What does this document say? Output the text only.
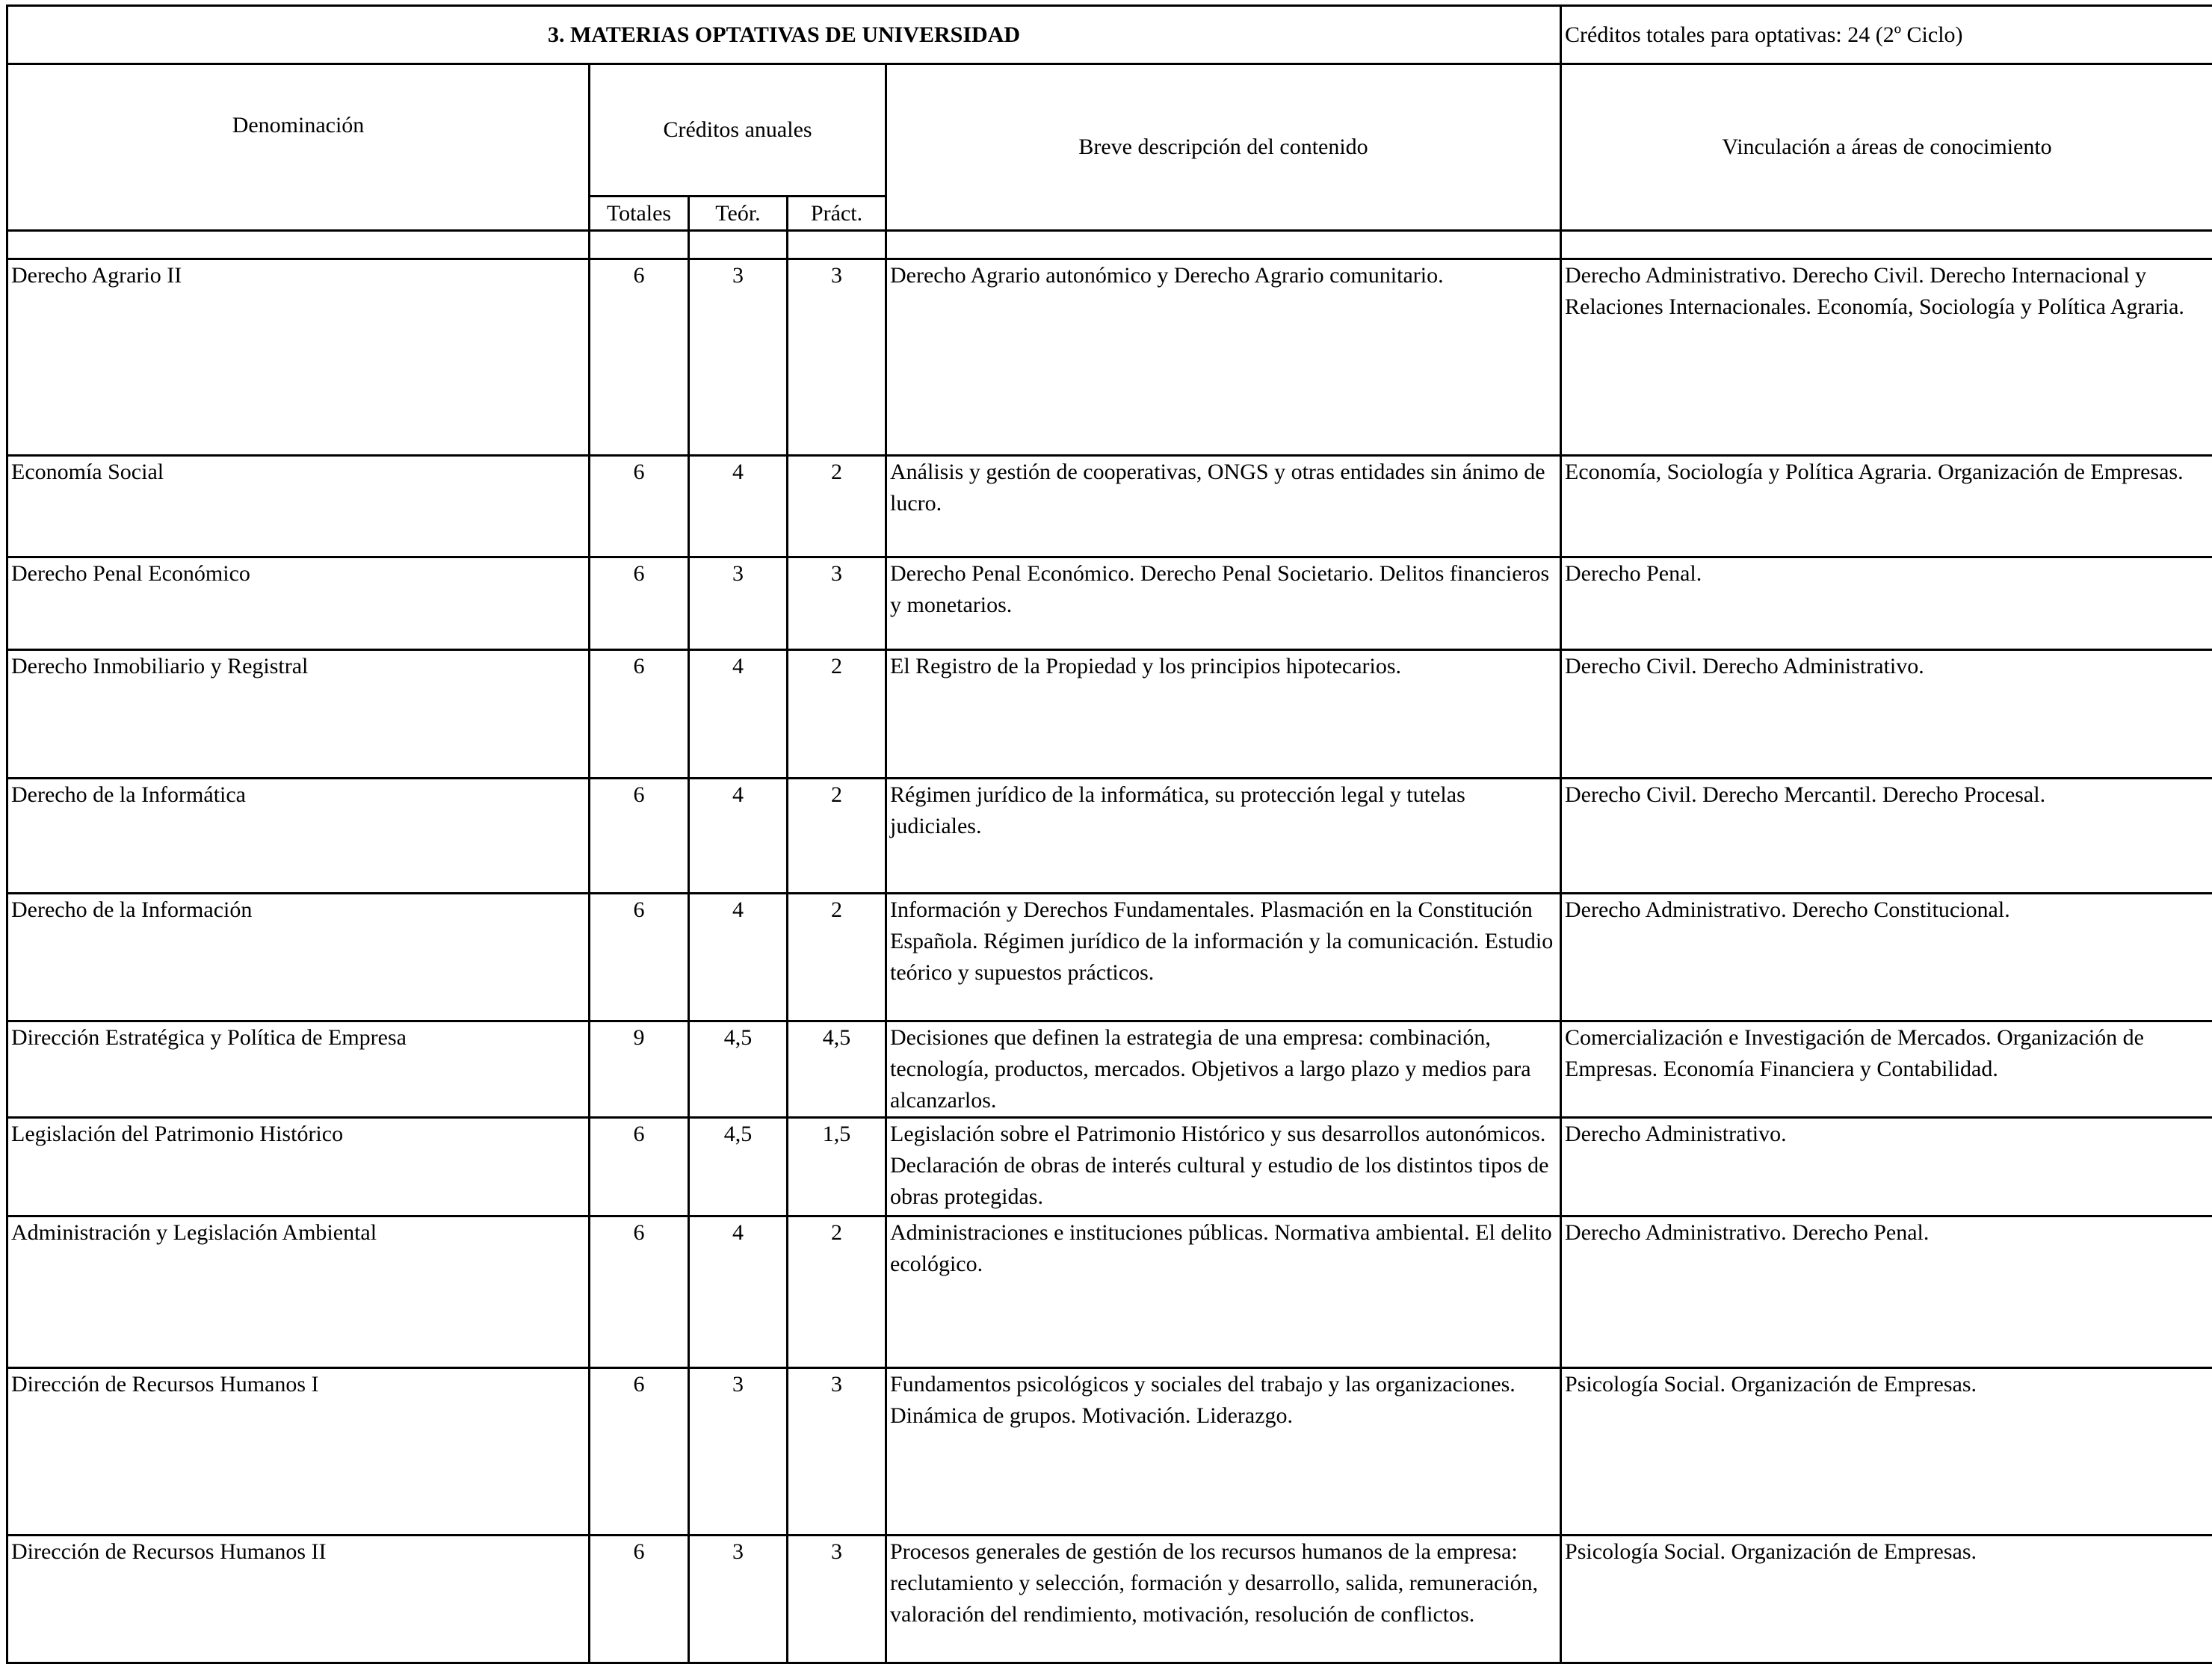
3. MATERIAS OPTATIVAS DE UNIVERSIDAD					Créditos totales para optativas: 24 (2º Ciclo)
Denominación	Créditos anuales			Breve descripción del contenido	Vinculación a áreas de conocimiento
	Totales	Teór.	Práct.		

Derecho Agrario II	6	3	3	Derecho Agrario autonómico y Derecho Agrario comunitario.	Derecho Administrativo. Derecho Civil. Derecho Internacional y Relaciones Internacionales. Economía, Sociología y Política Agraria.
Economía Social	6	4	2	Análisis y gestión de cooperativas, ONGS y otras entidades sin ánimo de lucro.	Economía, Sociología y Política Agraria. Organización de Empresas.
Derecho Penal Económico	6	3	3	Derecho Penal Económico. Derecho Penal Societario. Delitos financieros y monetarios.	Derecho Penal.
Derecho Inmobiliario y Registral	6	4	2	El Registro de la Propiedad y los principios hipotecarios.	Derecho Civil. Derecho Administrativo.
Derecho de la Informática	6	4	2	Régimen jurídico de la informática, su protección legal y tutelas judiciales.	Derecho Civil. Derecho Mercantil. Derecho Procesal.
Derecho de la Información	6	4	2	Información y Derechos Fundamentales. Plasmación en la Constitución Española. Régimen jurídico de la información y la comunicación. Estudio teórico y supuestos prácticos.	Derecho Administrativo. Derecho Constitucional.
Dirección Estratégica y Política de Empresa	9	4,5	4,5	Decisiones que definen la estrategia de una empresa: combinación, tecnología, productos, mercados. Objetivos a largo plazo y medios para alcanzarlos.	Comercialización e Investigación de Mercados. Organización de Empresas. Economía Financiera y Contabilidad.
Legislación del Patrimonio Histórico	6	4,5	1,5	Legislación sobre el Patrimonio Histórico y sus desarrollos autonómicos. Declaración de obras de interés cultural y estudio de los distintos tipos de obras protegidas.	Derecho Administrativo.
Administración y Legislación Ambiental	6	4	2	Administraciones e instituciones públicas. Normativa ambiental. El delito ecológico.	Derecho Administrativo. Derecho Penal.
Dirección de Recursos Humanos I	6	3	3	Fundamentos psicológicos y sociales del trabajo y las organizaciones. Dinámica de grupos. Motivación. Liderazgo.	Psicología Social. Organización de Empresas.
Dirección de Recursos Humanos II	6	3	3	Procesos generales de gestión de los recursos humanos de la empresa: reclutamiento y selección, formación y desarrollo, salida, remuneración, valoración del rendimiento, motivación, resolución de conflictos.	Psicología Social. Organización de Empresas.
